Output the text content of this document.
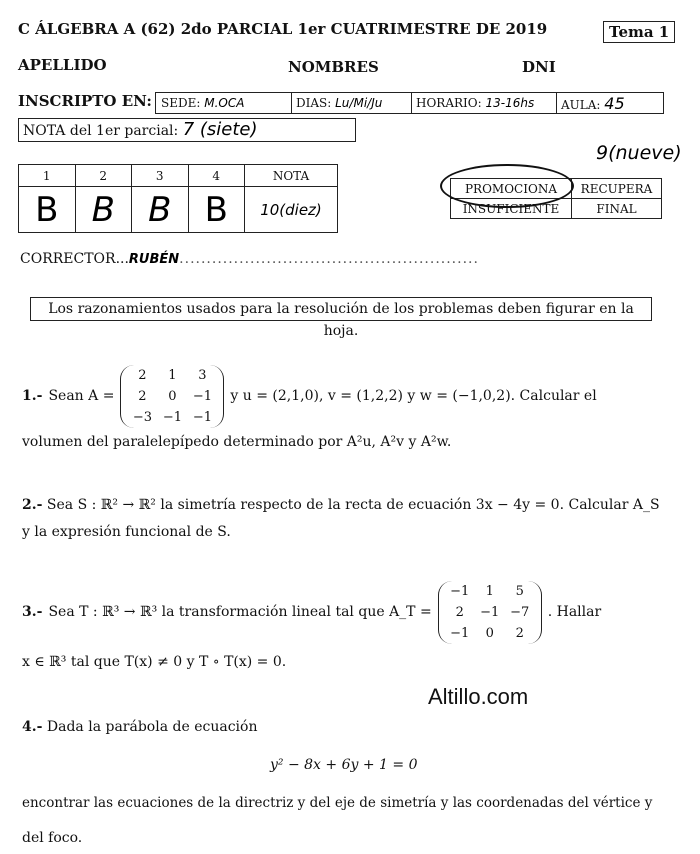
C ÁLGEBRA A (62) 2do PARCIAL 1er CUATRIMESTRE DE 2019	Tema 1
APELLIDO	NOMBRES	DNI
INSCRIPTO EN: SEDE: M.OCA	DIAS: Lu/Mi/Ju	HORARIO: 13-16hs	AULA: 45
NOTA del 1er parcial: 7 (siete)
1	2	3	4	NOTA
B	B	B	B	10(diez)
9(nueve)
PROMOCIONA	RECUPERA
INSUFICIENTE	FINAL
CORRECTOR...RUBÉN.......................................................
Los razonamientos usados para la resolución de los problemas deben figurar en la hoja.
1.- Sean A =
2	1	3
2	0	−1
−3 −1 −1
y u = (2,1,0), v = (1,2,2) y w = (−1,0,2). Calcular el
volumen del paralelepípedo determinado por A²u, A²v y A²w.
2.- Sea S : ℝ² → ℝ² la simetría respecto de la recta de ecuación 3x − 4y = 0. Calcular A_S
y la expresión funcional de S.
3.- Sea T : ℝ³ → ℝ³ la transformación lineal tal que A_T =
−1	1	5
2	−1 −7
−1	0	2
. Hallar
x ∈ ℝ³ tal que T(x) ≠ 0 y T ∘ T(x) = 0.
Altillo.com
4.- Dada la parábola de ecuación
y² − 8x + 6y + 1 = 0
encontrar las ecuaciones de la directriz y del eje de simetría y las coordenadas del vértice y
del foco.
